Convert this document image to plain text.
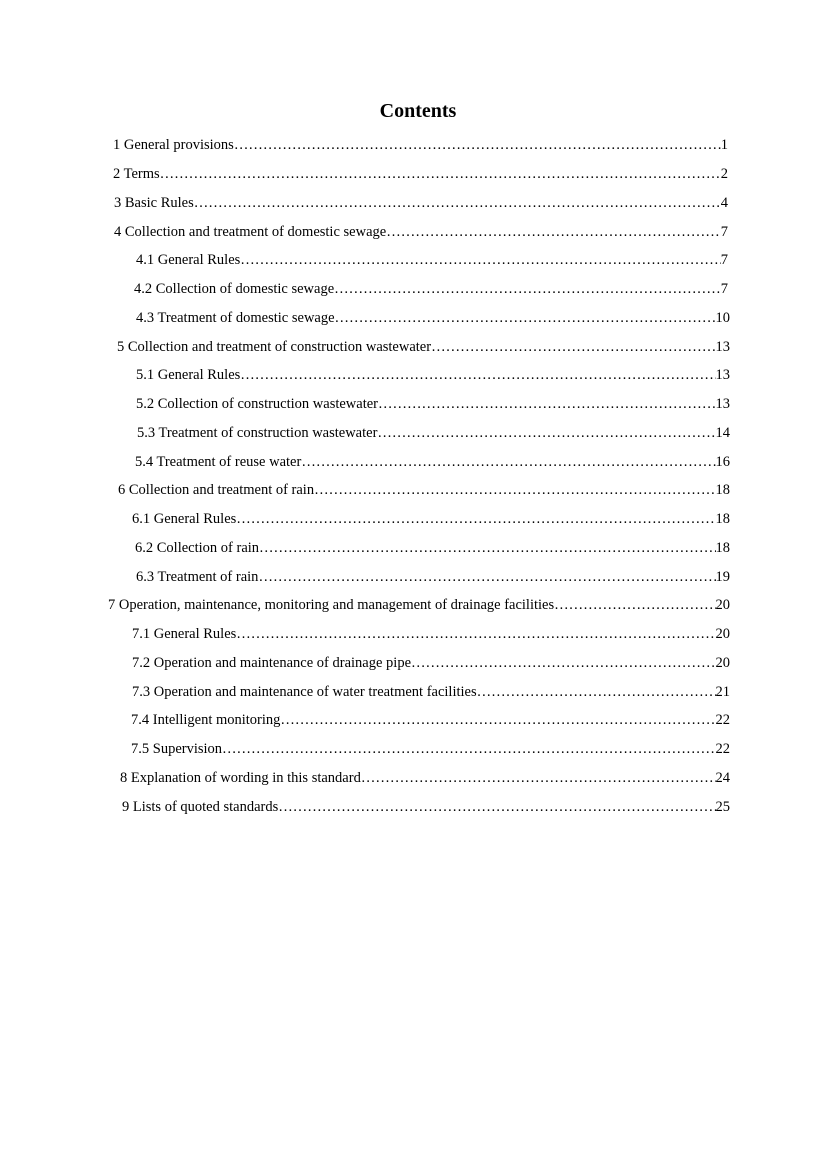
Contents
1 General provisions ………………………………………………………………………………………………………………………………………………………………………………………………………………	1
2 Terms ………………………………………………………………………………………………………………………………………………………………………………………………………………	2
3 Basic Rules ………………………………………………………………………………………………………………………………………………………………………………………………………………	4
4 Collection and treatment of domestic sewage ………………………………………………………………………………………………………………………………………………………………………………………………………………	7
4.1 General Rules ………………………………………………………………………………………………………………………………………………………………………………………………………………	7
4.2 Collection of domestic sewage ………………………………………………………………………………………………………………………………………………………………………………………………………………	7
4.3 Treatment of domestic sewage ………………………………………………………………………………………………………………………………………………………………………………………………………………	10
5 Collection and treatment of construction wastewater ………………………………………………………………………………………………………………………………………………………………………………………………………………	13
5.1 General Rules ………………………………………………………………………………………………………………………………………………………………………………………………………………	13
5.2 Collection of construction wastewater ………………………………………………………………………………………………………………………………………………………………………………………………………………	13
5.3 Treatment of construction wastewater ………………………………………………………………………………………………………………………………………………………………………………………………………………	14
5.4 Treatment of reuse water ………………………………………………………………………………………………………………………………………………………………………………………………………………	16
6 Collection and treatment of rain ………………………………………………………………………………………………………………………………………………………………………………………………………………	18
6.1 General Rules ………………………………………………………………………………………………………………………………………………………………………………………………………………	18
6.2 Collection of rain ………………………………………………………………………………………………………………………………………………………………………………………………………………	18
6.3 Treatment of rain ………………………………………………………………………………………………………………………………………………………………………………………………………………	19
7 Operation, maintenance, monitoring and management of drainage facilities ………………………………………………………………………………………………………………………………………………………………………………………………………………	20
7.1 General Rules ………………………………………………………………………………………………………………………………………………………………………………………………………………	20
7.2 Operation and maintenance of drainage pipe ………………………………………………………………………………………………………………………………………………………………………………………………………………	20
7.3 Operation and maintenance of water treatment facilities ………………………………………………………………………………………………………………………………………………………………………………………………………………	21
7.4 Intelligent monitoring ………………………………………………………………………………………………………………………………………………………………………………………………………………	22
7.5 Supervision ………………………………………………………………………………………………………………………………………………………………………………………………………………	22
8 Explanation of wording in this standard ………………………………………………………………………………………………………………………………………………………………………………………………………………	24
9 Lists of quoted standards ………………………………………………………………………………………………………………………………………………………………………………………………………………	25
